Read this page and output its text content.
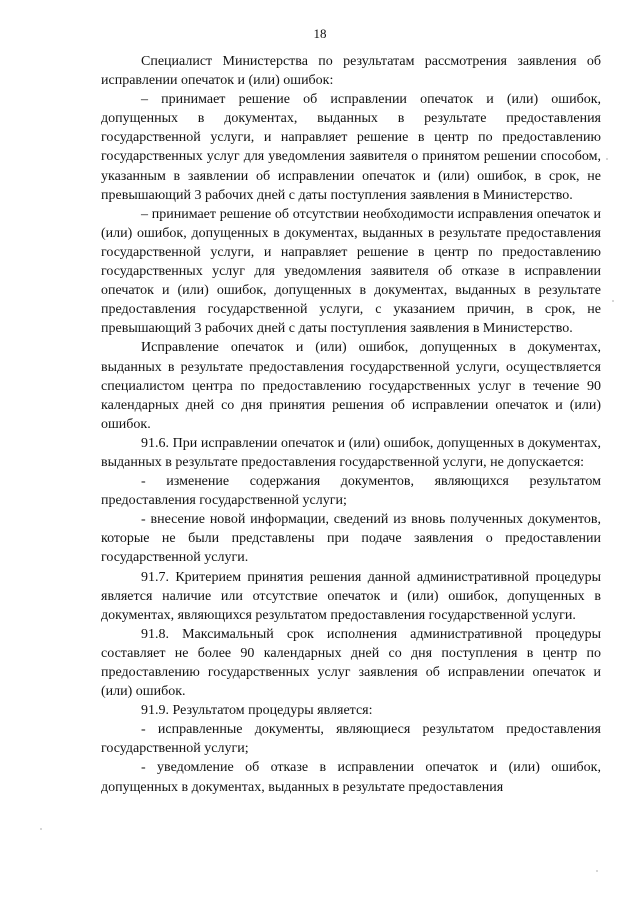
18

Специалист Министерства по результатам рассмотрения заявления об исправлении опечаток и (или) ошибок:

– принимает решение об исправлении опечаток и (или) ошибок, допущенных в документах, выданных в результате предоставления государственной услуги, и направляет решение в центр по предоставлению государственных услуг для уведомления заявителя о принятом решении способом, указанным в заявлении об исправлении опечаток и (или) ошибок, в срок, не превышающий 3 рабочих дней с даты поступления заявления в Министерство.

– принимает решение об отсутствии необходимости исправления опечаток и (или) ошибок, допущенных в документах, выданных в результате предоставления государственной услуги, и направляет решение в центр по предоставлению государственных услуг для уведомления заявителя об отказе в исправлении опечаток и (или) ошибок, допущенных в документах, выданных в результате предоставления государственной услуги, с указанием причин, в срок, не превышающий 3 рабочих дней с даты поступления заявления в Министерство.

Исправление опечаток и (или) ошибок, допущенных в документах, выданных в результате предоставления государственной услуги, осуществляется специалистом центра по предоставлению государственных услуг в течение 90 календарных дней со дня принятия решения об исправлении опечаток и (или) ошибок.

91.6. При исправлении опечаток и (или) ошибок, допущенных в документах, выданных в результате предоставления государственной услуги, не допускается:

- изменение содержания документов, являющихся результатом предоставления государственной услуги;

- внесение новой информации, сведений из вновь полученных документов, которые не были представлены при подаче заявления о предоставлении государственной услуги.

91.7. Критерием принятия решения данной административной процедуры является наличие или отсутствие опечаток и (или) ошибок, допущенных в документах, являющихся результатом предоставления государственной услуги.

91.8. Максимальный срок исполнения административной процедуры составляет не более 90 календарных дней со дня поступления в центр по предоставлению государственных услуг заявления об исправлении опечаток и (или) ошибок.

91.9. Результатом процедуры является:

- исправленные документы, являющиеся результатом предоставления государственной услуги;

- уведомление об отказе в исправлении опечаток и (или) ошибок, допущенных в документах, выданных в результате предоставления
